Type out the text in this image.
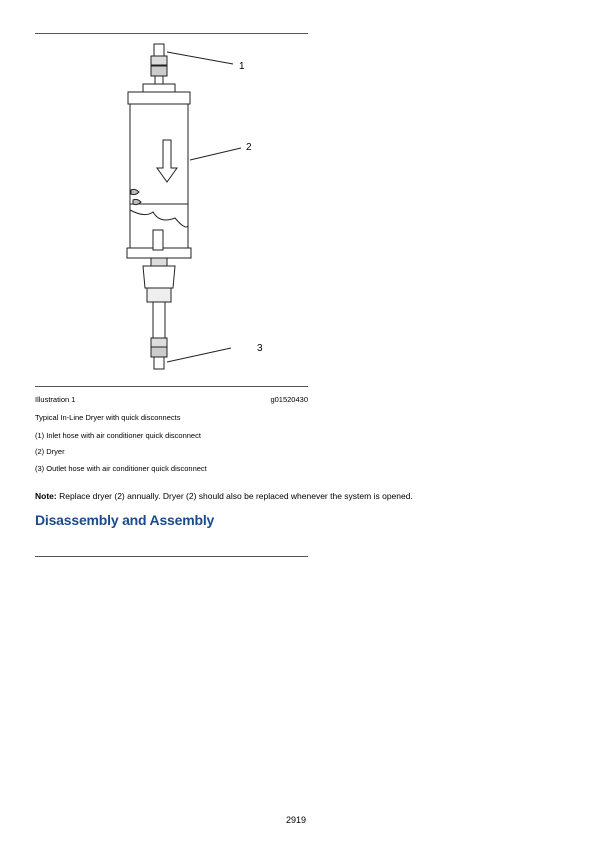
1
2
3
Illustration 1	g01520430
Typical In-Line Dryer with quick disconnects
(1) Inlet hose with air conditioner quick disconnect
(2) Dryer
(3) Outlet hose with air conditioner quick disconnect
Note: Replace dryer (2) annually. Dryer (2) should also be replaced whenever the system is opened.
Disassembly and Assembly
2919
